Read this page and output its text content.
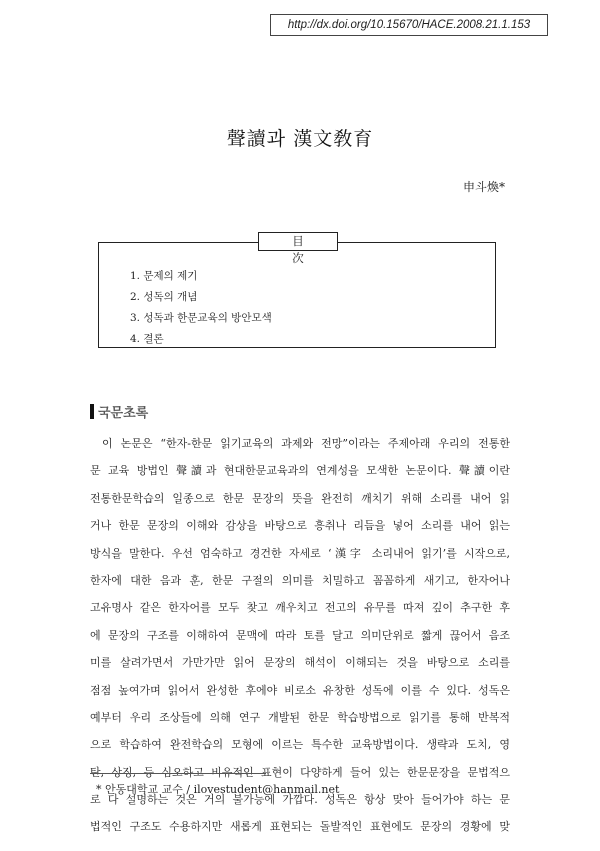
http://dx.doi.org/10.15670/HACE.2008.21.1.153
聲讀과 漢文敎育
申斗煥*
目 次
1. 문제의 제기
2. 성독의 개념
3. 성독과 한문교육의 방안모색
4. 결론
국문초록
이 논문은 “한자-한문 읽기교육의 과제와 전망”이라는 주제아래 우리의 전통한
문 교육 방법인 聲讀과 현대한문교육과의 연계성을 모색한 논문이다. 聲讀이란
전통한문학습의 일종으로 한문 문장의 뜻을 완전히 깨치기 위해 소리를 내어 읽
거나 한문 문장의 이해와 감상을 바탕으로 흥취나 리듬을 넣어 소리를 내어 읽는
방식을 말한다. 우선 엄숙하고 경건한 자세로 ‘漢字 소리내어 읽기’를 시작으로,
한자에 대한 음과 훈, 한문 구절의 의미를 치밀하고 꼼꼼하게 새기고, 한자어나
고유명사 같은 한자어를 모두 찾고 깨우치고 전고의 유무를 따져 깊이 추구한 후
에 문장의 구조를 이해하여 문맥에 따라 토를 달고 의미단위로 짧게 끊어서 음조
미를 살려가면서 가만가만 읽어 문장의 해석이 이해되는 것을 바탕으로 소리를
점점 높여가며 읽어서 완성한 후에야 비로소 유창한 성독에 이를 수 있다. 성독은
예부터 우리 조상들에 의해 연구 개발된 한문 학습방법으로 읽기를 통해 반복적
으로 학습하여 완전학습의 모형에 이르는 특수한 교육방법이다. 생략과 도치, 영
탄, 상징, 등 심오하고 비유적인 표현이 다양하게 들어 있는 한문문장을 문법적으
로 다 설명하는 것은 거의 불가능에 가깝다. 성독은 항상 맞아 들어가야 하는 문
법적인 구조도 수용하지만 새롭게 표현되는 돌발적인 표현에도 문장의 경황에 맞
* 안동대학교 교수 / ilovestudent@hanmail.net
